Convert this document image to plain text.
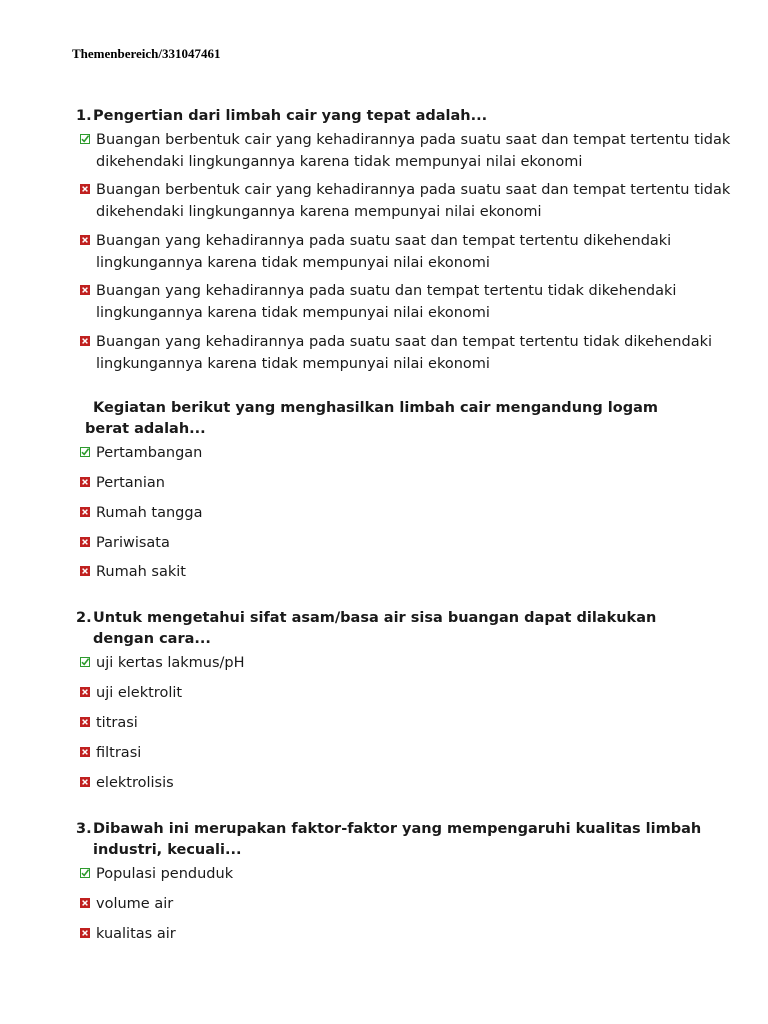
Themenbereich/331047461
1.Pengertian dari limbah cair yang tepat adalah...
Buangan berbentuk cair yang kehadirannya pada suatu saat dan tempat tertentu tidak dikehendaki lingkungannya karena tidak mempunyai nilai ekonomi
Buangan berbentuk cair yang kehadirannya pada suatu saat dan tempat tertentu tidak dikehendaki lingkungannya karena mempunyai nilai ekonomi
Buangan yang kehadirannya pada suatu saat dan tempat tertentu dikehendaki lingkungannya karena tidak mempunyai nilai ekonomi
Buangan yang kehadirannya pada suatu dan tempat tertentu tidak dikehendaki lingkungannya karena tidak mempunyai nilai ekonomi
Buangan yang kehadirannya pada suatu saat dan tempat tertentu tidak dikehendaki lingkungannya karena tidak mempunyai nilai ekonomi
Kegiatan berikut yang menghasilkan limbah cair mengandung logam
berat adalah...
Pertambangan
Pertanian
Rumah tangga
Pariwisata
Rumah sakit
2.Untuk mengetahui sifat asam/basa air sisa buangan dapat dilakukan dengan cara...
uji kertas lakmus/pH
uji elektrolit
titrasi
filtrasi
elektrolisis
3.Dibawah ini merupakan faktor-faktor yang mempengaruhi kualitas limbah industri, kecuali...
Populasi penduduk
volume air
kualitas air
